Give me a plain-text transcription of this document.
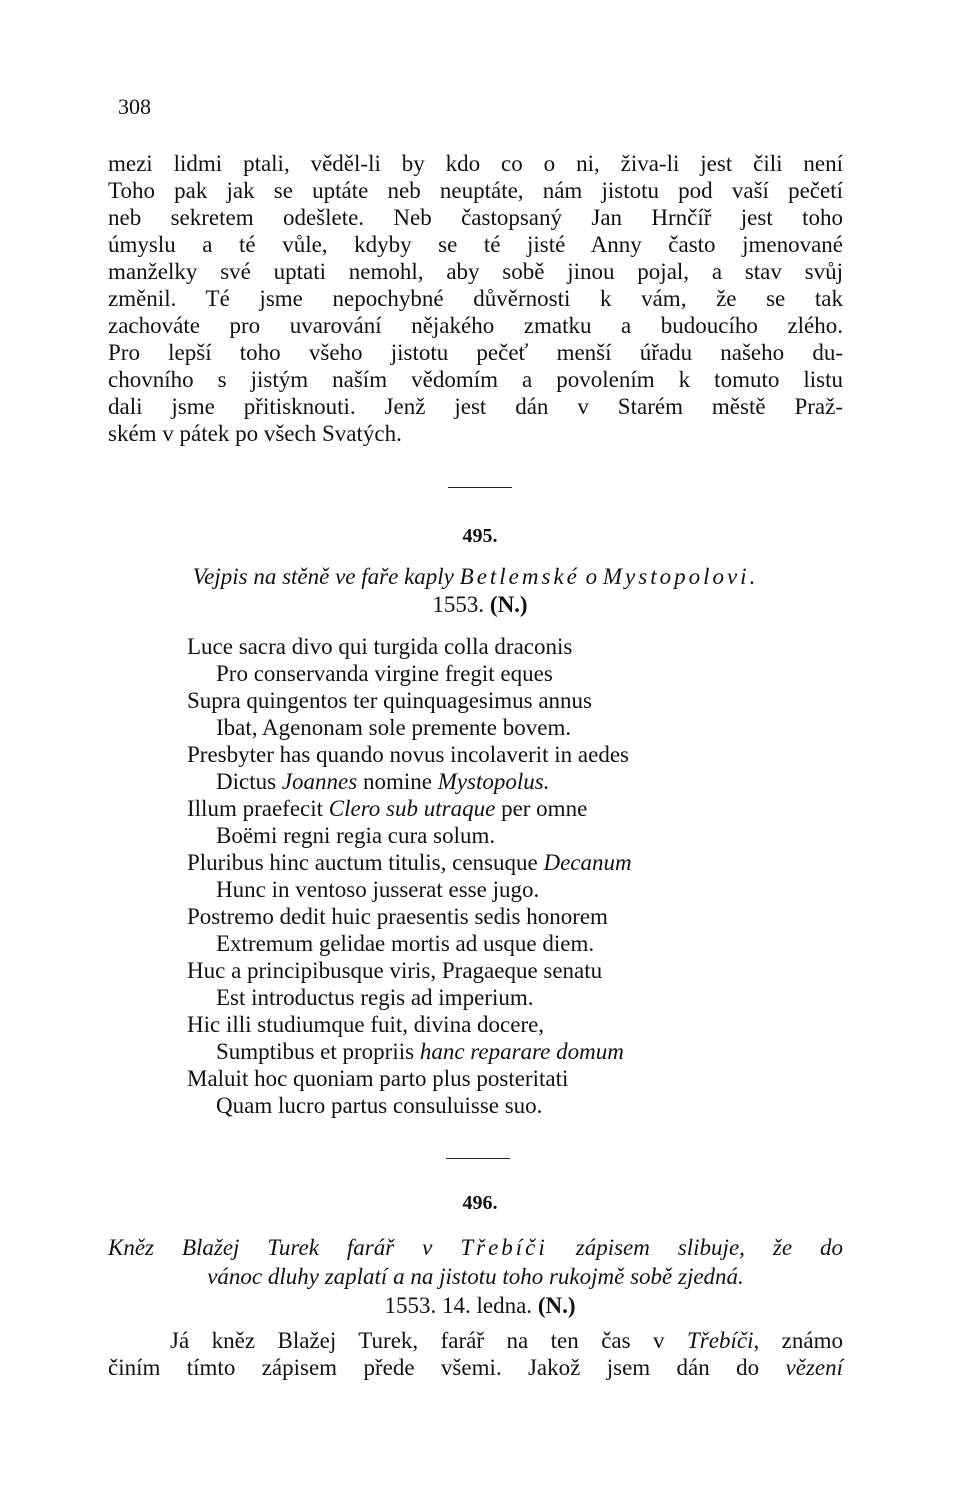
308
mezi lidmi ptali, věděl-li by kdo co o ni, živa-li jest čili není
Toho pak jak se uptáte neb neuptáte, nám jistotu pod vaší pečetí
neb sekretem odešlete. Neb častopsaný Jan Hrnčíř jest toho
úmyslu a té vůle, kdyby se té jisté Anny často jmenované
manželky své uptati nemohl, aby sobě jinou pojal, a stav svůj
změnil. Té jsme nepochybné důvěrnosti k vám, že se tak
zachováte pro uvarování nějakého zmatku a budoucího zlého.
Pro lepší toho všeho jistotu pečeť menší úřadu našeho du-
chovního s jistým naším vědomím a povolením k tomuto listu
dali jsme přitisknouti. Jenž jest dán v Starém městě Praž-
ském v pátek po všech Svatých.
495.
Vejpis na stěně ve faře kaply Betlemské o Mystopolovi.
1553. (N.)
Luce sacra divo qui turgida colla draconis
Pro conservanda virgine fregit eques
Supra quingentos ter quinquagesimus annus
Ibat, Agenonam sole premente bovem.
Presbyter has quando novus incolaverit in aedes
Dictus Joannes nomine Mystopolus.
Illum praefecit Clero sub utraque per omne
Boëmi regni regia cura solum.
Pluribus hinc auctum titulis, censuque Decanum
Hunc in ventoso jusserat esse jugo.
Postremo dedit huic praesentis sedis honorem
Extremum gelidae mortis ad usque diem.
Huc a principibusque viris, Pragaeque senatu
Est introductus regis ad imperium.
Hic illi studiumque fuit, divina docere,
Sumptibus et propriis hanc reparare domum
Maluit hoc quoniam parto plus posteritati
Quam lucro partus consuluisse suo.
496.
Kněz Blažej Turek farář v Třebíči zápisem slibuje, že do
vánoc dluhy zaplatí a na jistotu toho rukojmě sobě zjedná.
1553. 14. ledna. (N.)
Já kněz Blažej Turek, farář na ten čas v Třebíči, známo
činím tímto zápisem přede všemi. Jakož jsem dán do vězení
